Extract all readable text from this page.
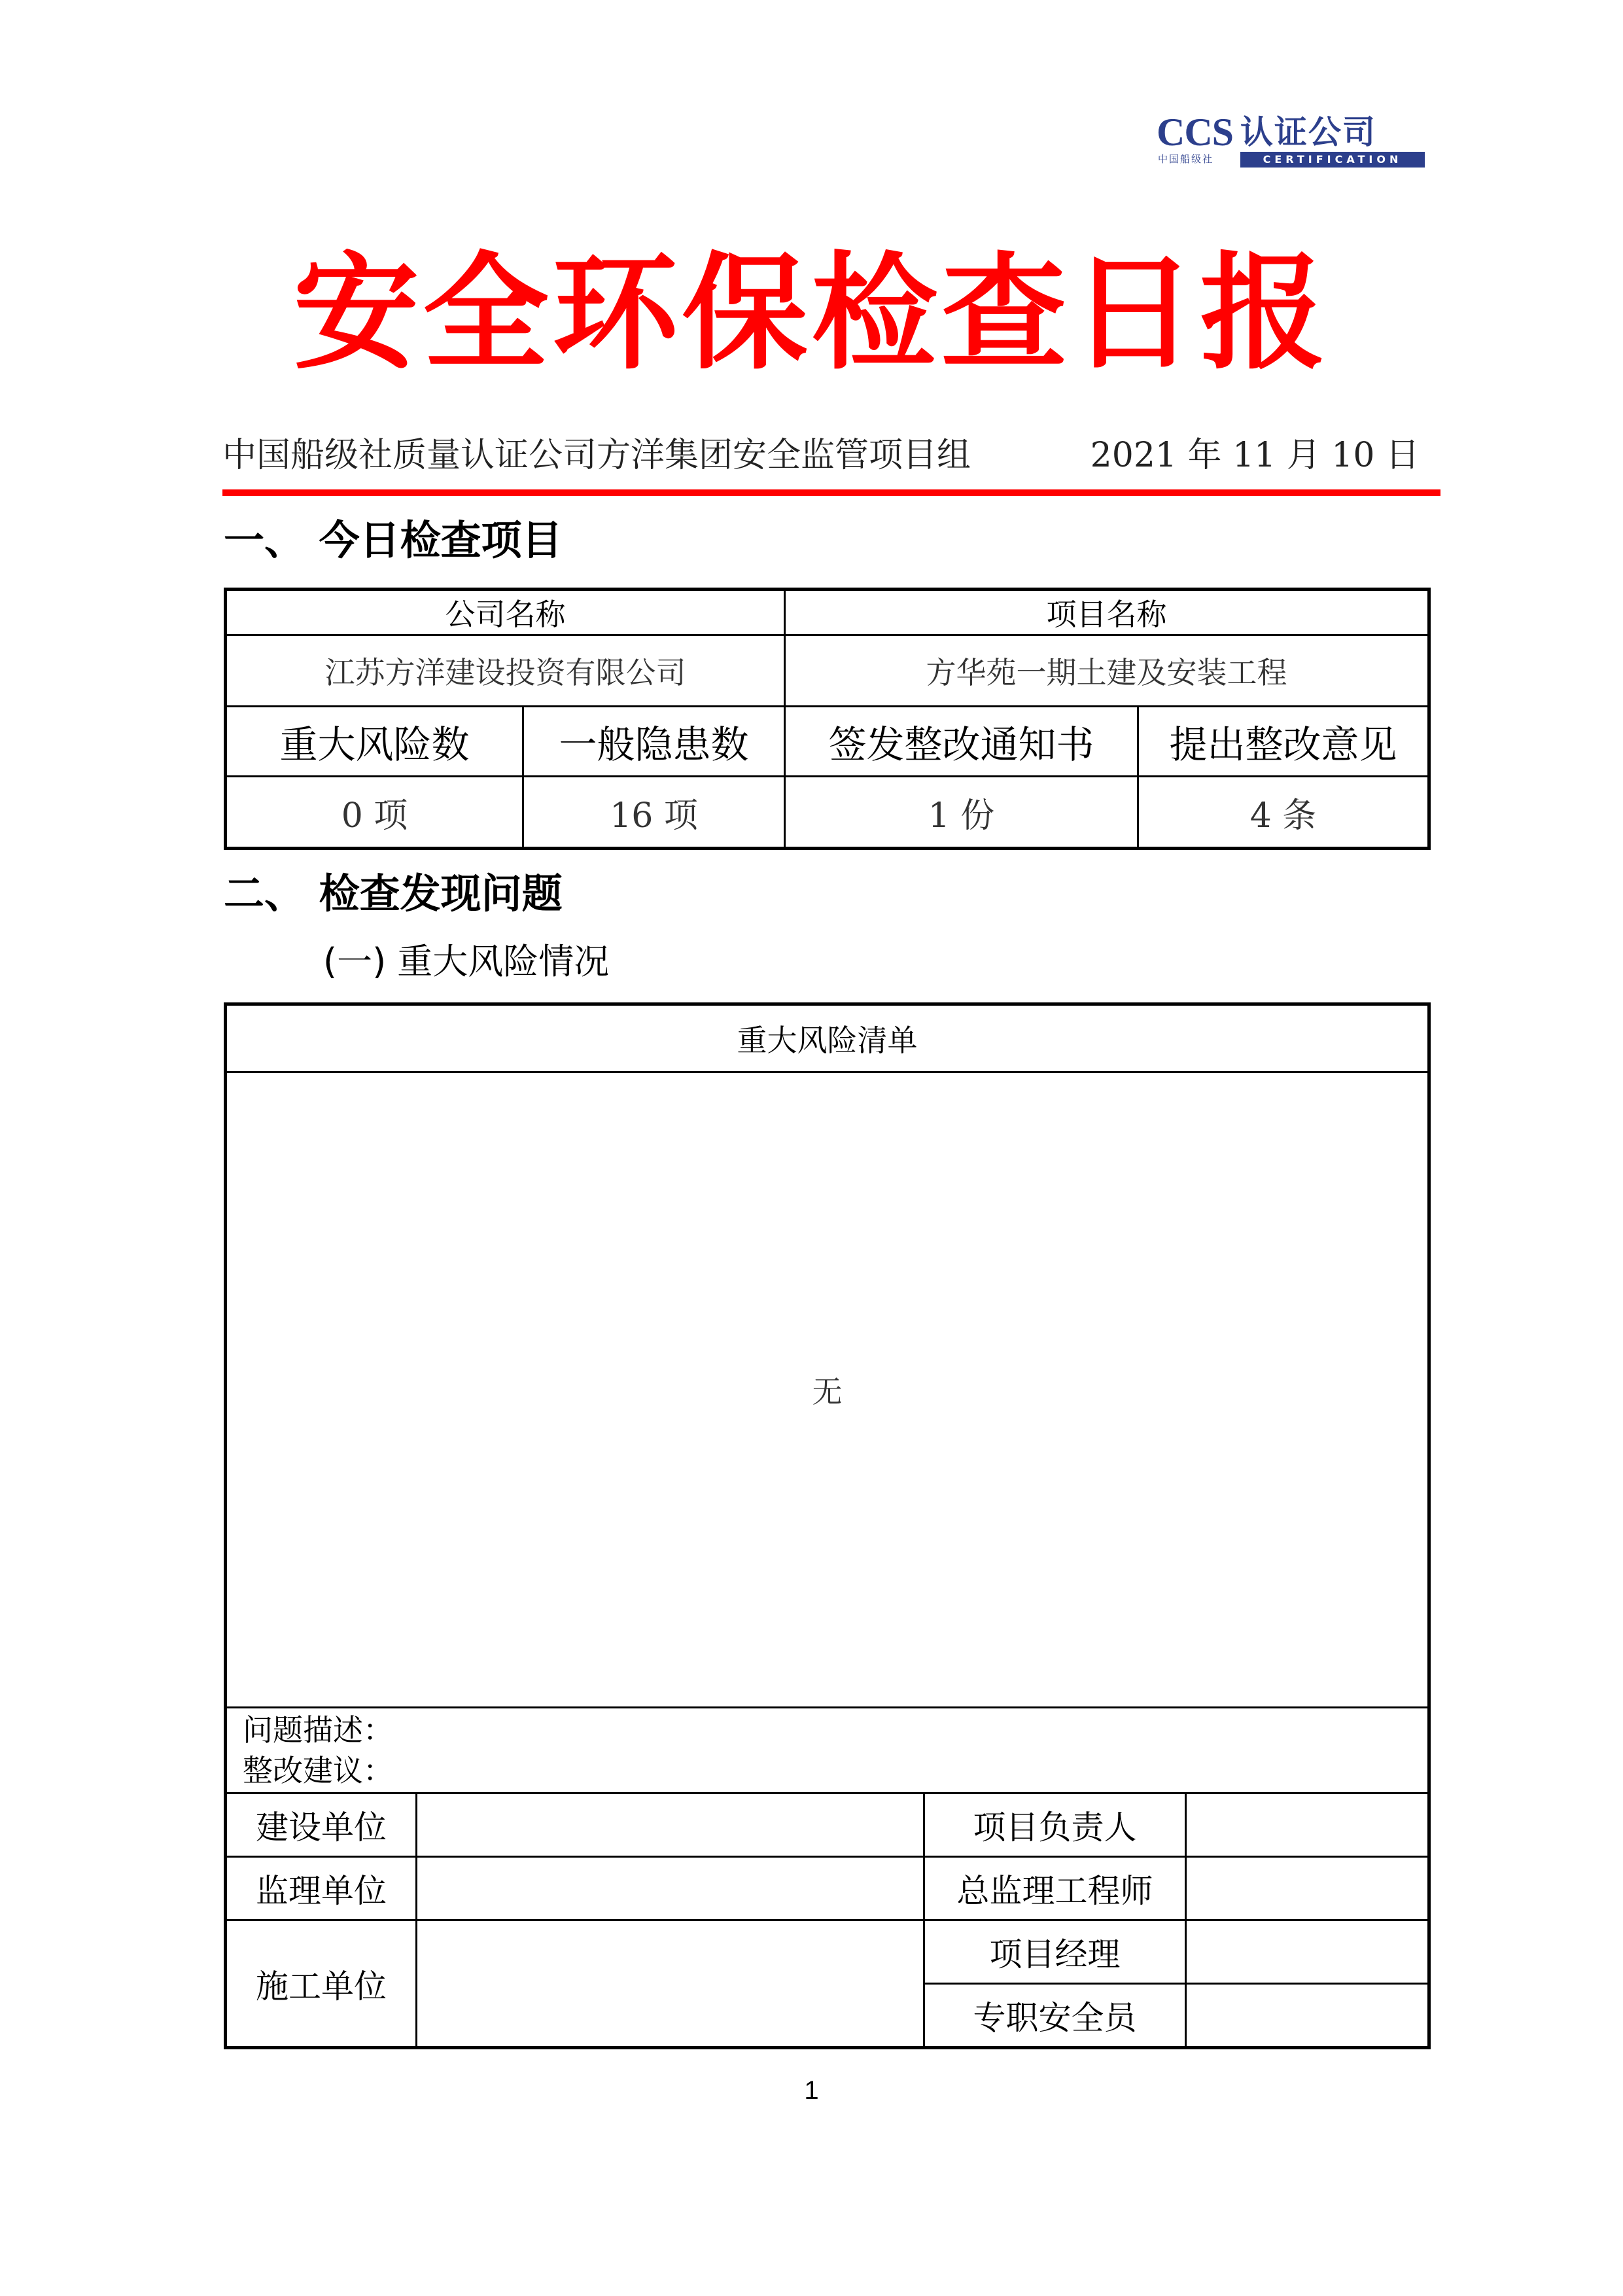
CCS 认证公司
中国船级社	CERTIFICATION
安全环保检查日报
中国船级社质量认证公司方洋集团安全监管项目组	2021 年 11 月 10 日
一、 今日检查项目
公司名称		项目名称	
江苏方洋建设投资有限公司		方华苑一期土建及安装工程	
重大风险数	一般隐患数	签发整改通知书	提出整改意见
0 项	16 项	1 份	4 条
二、 检查发现问题
(一) 重大风险情况
重大风险清单			
无			

问题描述：
整改建议：			

建设单位		项目负责人	
监理单位		总监理工程师	
施工单位		项目经理	
		专职安全员	
1
